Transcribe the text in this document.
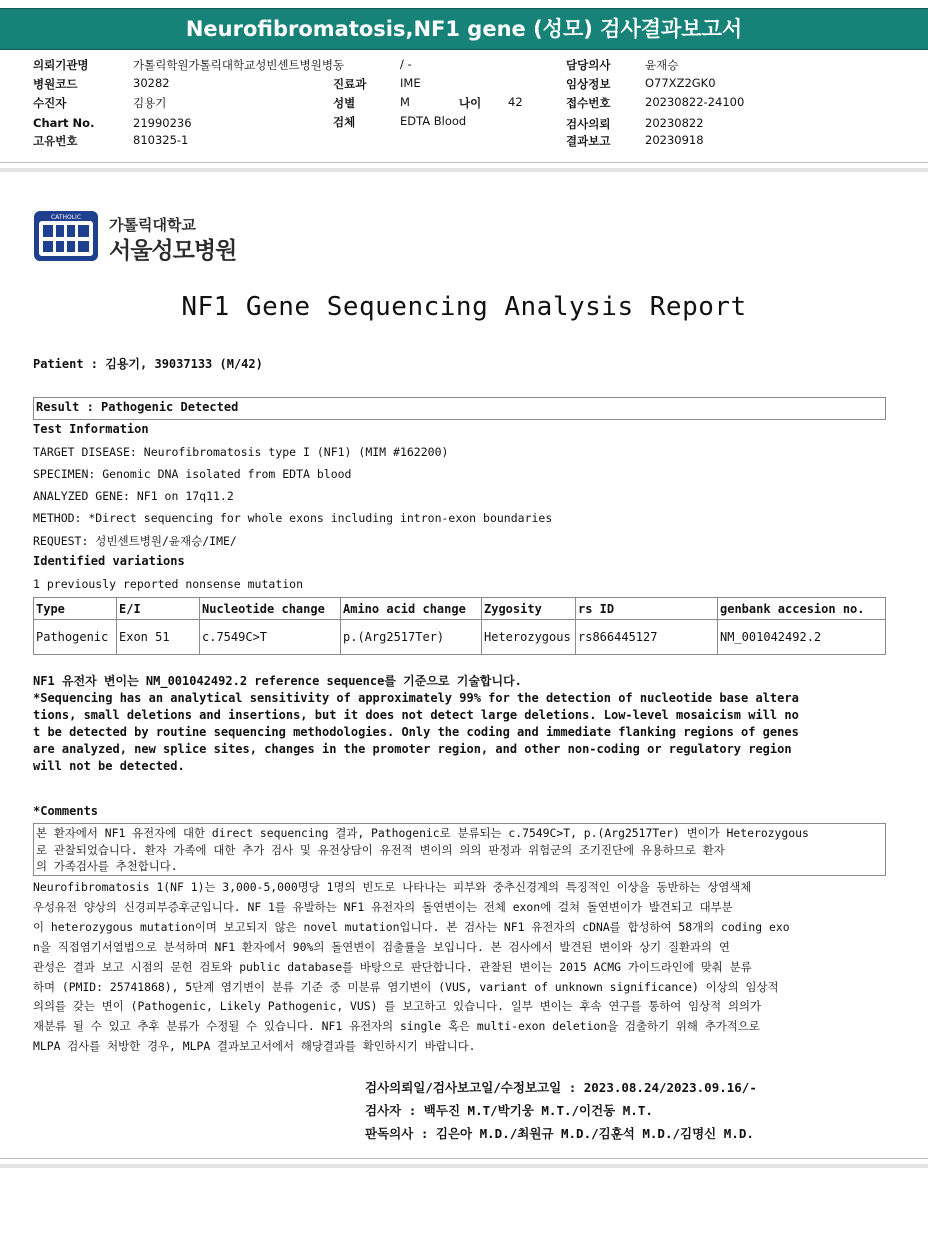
Neurofibromatosis,NF1 gene (성모) 검사결과보고서
의뢰기관명	가톨릭학원가톨릭대학교성빈센트병원병동	/ -	담당의사	윤재승
병원코드	30282	진료과	IME	임상정보	O77XZ2GK0
수진자	김용기	성별	M	나이 42	접수번호	20230822-24100
Chart No.	21990236	검체	EDTA Blood	검사의뢰	20230822
고유번호	810325-1	결과보고	20230918
CATHOLIC 가톨릭대학교
서울성모병원
NF1 Gene Sequencing Analysis Report
Patient : 김용기, 39037133 (M/42)
Result : Pathogenic Detected
Test Information
TARGET DISEASE: Neurofibromatosis type I (NF1) (MIM #162200)
SPECIMEN: Genomic DNA isolated from EDTA blood
ANALYZED GENE: NF1 on 17q11.2
METHOD: *Direct sequencing for whole exons including intron-exon boundaries
REQUEST: 성빈센트병원/윤재승/IME/
Identified variations
1 previously reported nonsense mutation
Type	E/I	Nucleotide change	Amino acid change	Zygosity	rs ID	genbank accesion no.
Pathogenic	Exon 51	c.7549C>T	p.(Arg2517Ter)	Heterozygous	rs866445127	NM_001042492.2
NF1 유전자 변이는 NM_001042492.2 reference sequence를 기준으로 기술합니다.
*Sequencing has an analytical sensitivity of approximately 99% for the detection of nucleotide base altera
tions, small deletions and insertions, but it does not detect large deletions. Low-level mosaicism will no
t be detected by routine sequencing methodologies. Only the coding and immediate flanking regions of genes
are analyzed, new splice sites, changes in the promoter region, and other non-coding or regulatory region
will not be detected.
*Comments
본 환자에서 NF1 유전자에 대한 direct sequencing 결과, Pathogenic로 분류되는 c.7549C>T, p.(Arg2517Ter) 변이가 Heterozygous
로 관찰되었습니다. 환자 가족에 대한 추가 검사 및 유전상담이 유전적 변이의 의의 판정과 위험군의 조기진단에 유용하므로 환자
의 가족검사를 추천합니다.
Neurofibromatosis 1(NF 1)는 3,000-5,000명당 1명의 빈도로 나타나는 피부와 중추신경계의 특징적인 이상을 동반하는 상염색체
우성유전 양상의 신경피부증후군입니다. NF 1를 유발하는 NF1 유전자의 돌연변이는 전체 exon에 걸쳐 돌연변이가 발견되고 대부분
이 heterozygous mutation이며 보고되지 않은 novel mutation입니다. 본 검사는 NF1 유전자의 cDNA를 합성하여 58개의 coding exo
n을 직접염기서열법으로 분석하며 NF1 환자에서 90%의 돌연변이 검출률을 보입니다. 본 검사에서 발견된 변이와 상기 질환과의 연
관성은 결과 보고 시점의 문헌 검토와 public database를 바탕으로 판단합니다. 관찰된 변이는 2015 ACMG 가이드라인에 맞춰 분류
하며 (PMID: 25741868), 5단계 염기변이 분류 기준 중 미분류 염기변이 (VUS, variant of unknown significance) 이상의 임상적
의의를 갖는 변이 (Pathogenic, Likely Pathogenic, VUS) 를 보고하고 있습니다. 일부 변이는 후속 연구를 통하여 임상적 의의가
재분류 될 수 있고 추후 분류가 수정될 수 있습니다. NF1 유전자의 single 혹은 multi-exon deletion을 검출하기 위해 추가적으로
MLPA 검사를 처방한 경우, MLPA 결과보고서에서 해당결과를 확인하시기 바랍니다.
검사의뢰일/검사보고일/수정보고일 : 2023.08.24/2023.09.16/-
검사자 : 백두진 M.T/박기웅 M.T./이건동 M.T.
판독의사 : 김은아 M.D./최원규 M.D./김훈석 M.D./김명신 M.D.
